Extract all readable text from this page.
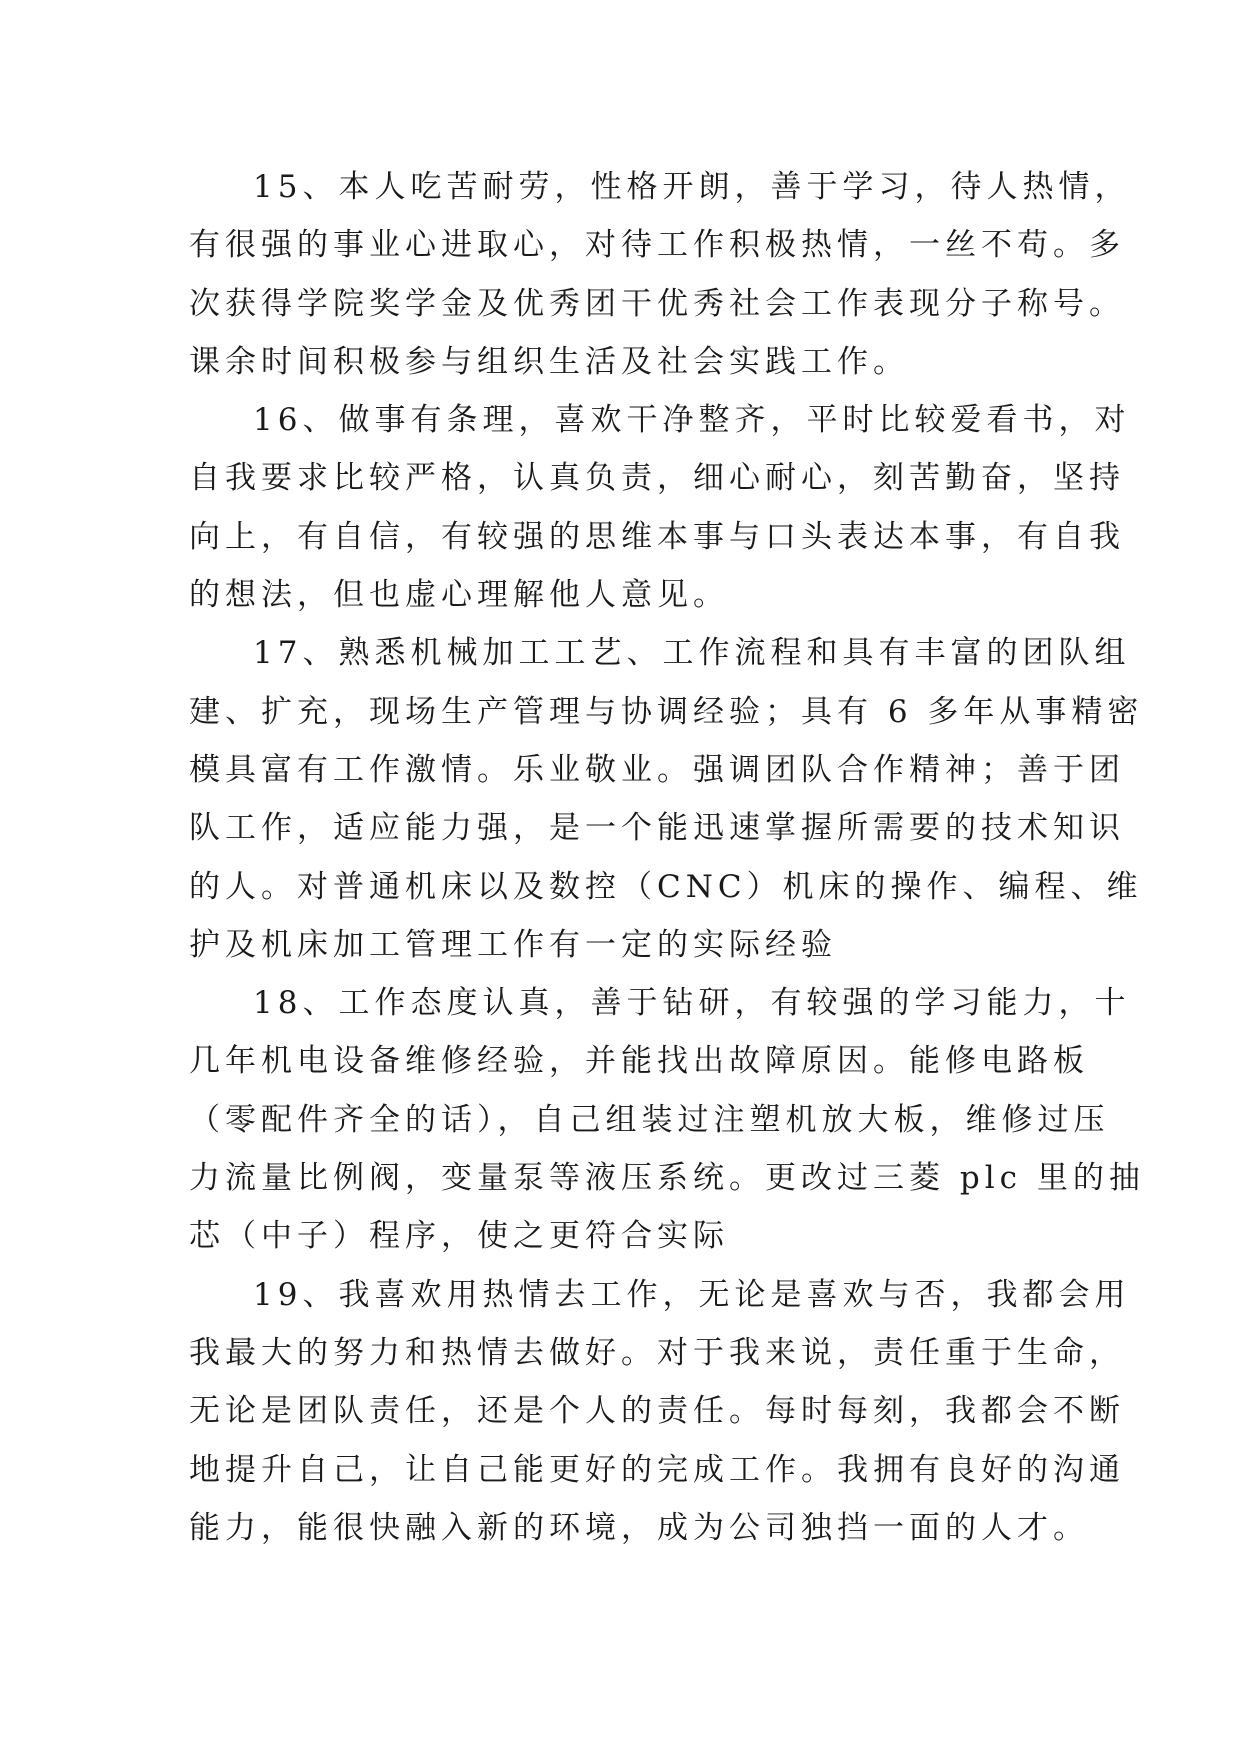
15、本人吃苦耐劳，性格开朗，善于学习，待人热情，
有很强的事业心进取心，对待工作积极热情，一丝不苟。多
次获得学院奖学金及优秀团干优秀社会工作表现分子称号。
课余时间积极参与组织生活及社会实践工作。
16、做事有条理，喜欢干净整齐，平时比较爱看书，对
自我要求比较严格，认真负责，细心耐心，刻苦勤奋，坚持
向上，有自信，有较强的思维本事与口头表达本事，有自我
的想法，但也虚心理解他人意见。
17、熟悉机械加工工艺、工作流程和具有丰富的团队组
建、扩充，现场生产管理与协调经验；具有 6 多年从事精密
模具富有工作激情。乐业敬业。强调团队合作精神；善于团
队工作，适应能力强，是一个能迅速掌握所需要的技术知识
的人。对普通机床以及数控（CNC）机床的操作、编程、维
护及机床加工管理工作有一定的实际经验
18、工作态度认真，善于钻研，有较强的学习能力，十
几年机电设备维修经验，并能找出故障原因。能修电路板
（零配件齐全的话），自己组装过注塑机放大板，维修过压
力流量比例阀，变量泵等液压系统。更改过三菱 plc 里的抽
芯（中子）程序，使之更符合实际
19、我喜欢用热情去工作，无论是喜欢与否，我都会用
我最大的努力和热情去做好。对于我来说，责任重于生命，
无论是团队责任，还是个人的责任。每时每刻，我都会不断
地提升自己，让自己能更好的完成工作。我拥有良好的沟通
能力，能很快融入新的环境，成为公司独挡一面的人才。
